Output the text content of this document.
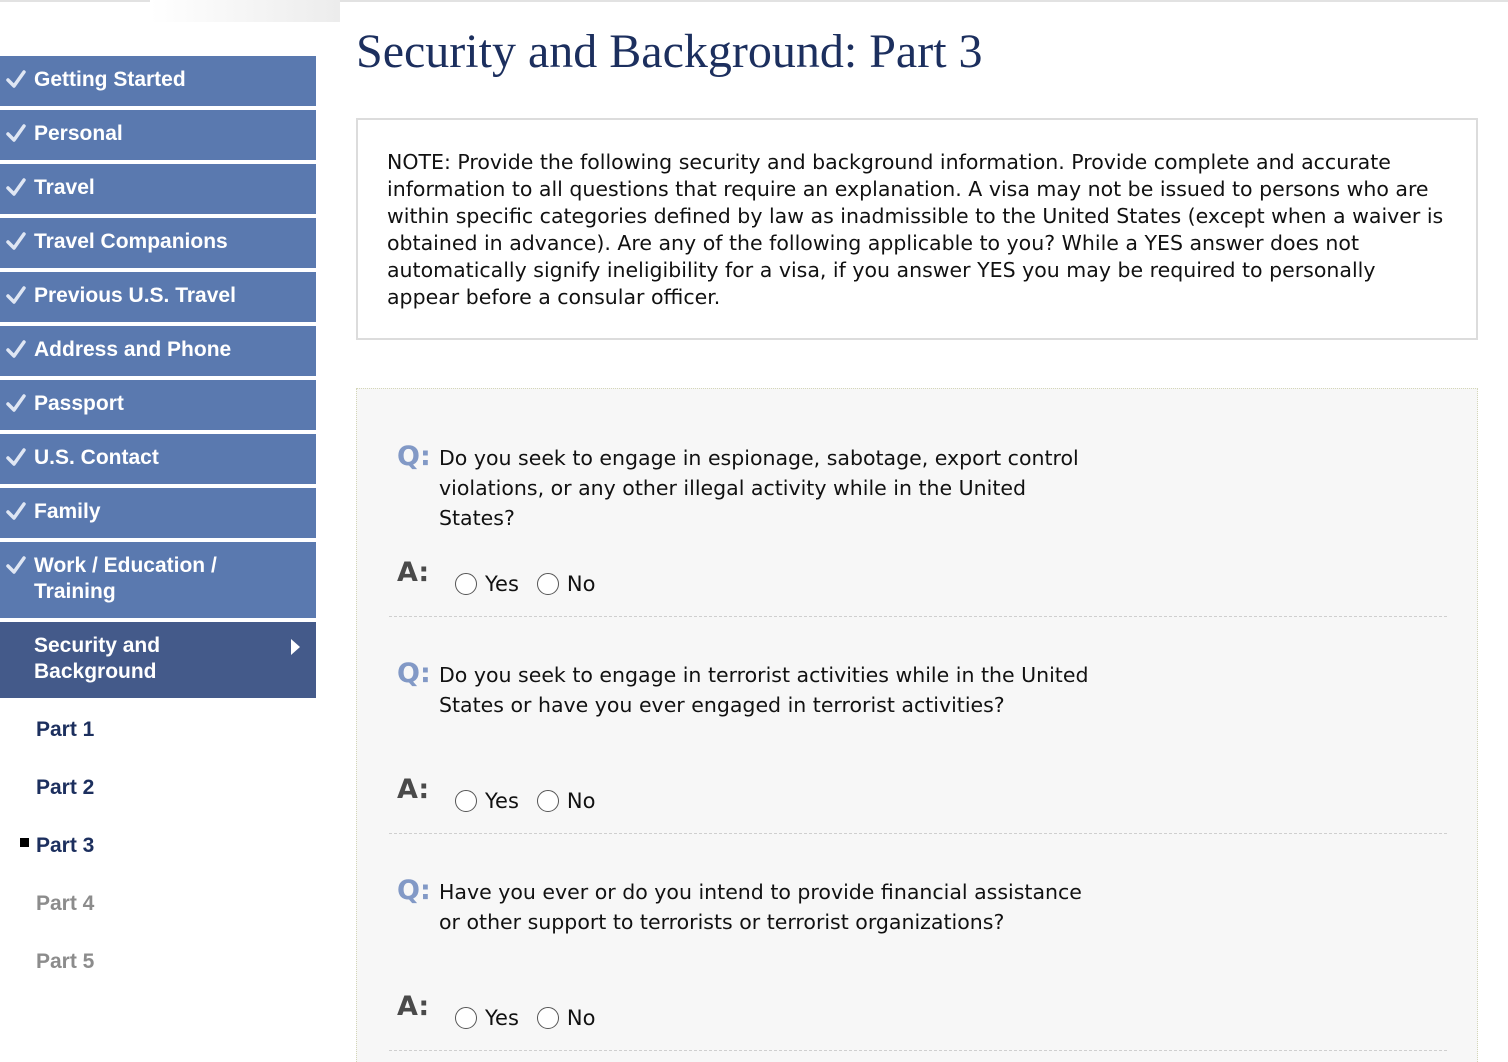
Getting Started
Personal
Travel
Travel Companions
Previous U.S. Travel
Address and Phone
Passport
U.S. Contact
Family
Work / Education / Training
Security and Background
Part 1
Part 2
Part 3
Part 4
Part 5
Security and Background: Part 3
NOTE: Provide the following security and background information. Provide complete and accurate information to all questions that require an explanation. A visa may not be issued to persons who are within specific categories defined by law as inadmissible to the United States (except when a waiver is obtained in advance). Are any of the following applicable to you? While a YES answer does not automatically signify ineligibility for a visa, if you answer YES you may be required to personally appear before a consular officer.
Q: Do you seek to engage in espionage, sabotage, export control violations, or any other illegal activity while in the United States?
A:	Yes No
Q: Do you seek to engage in terrorist activities while in the United States or have you ever engaged in terrorist activities?
A:	Yes No
Q: Have you ever or do you intend to provide financial assistance or other support to terrorists or terrorist organizations?
A:	Yes No
